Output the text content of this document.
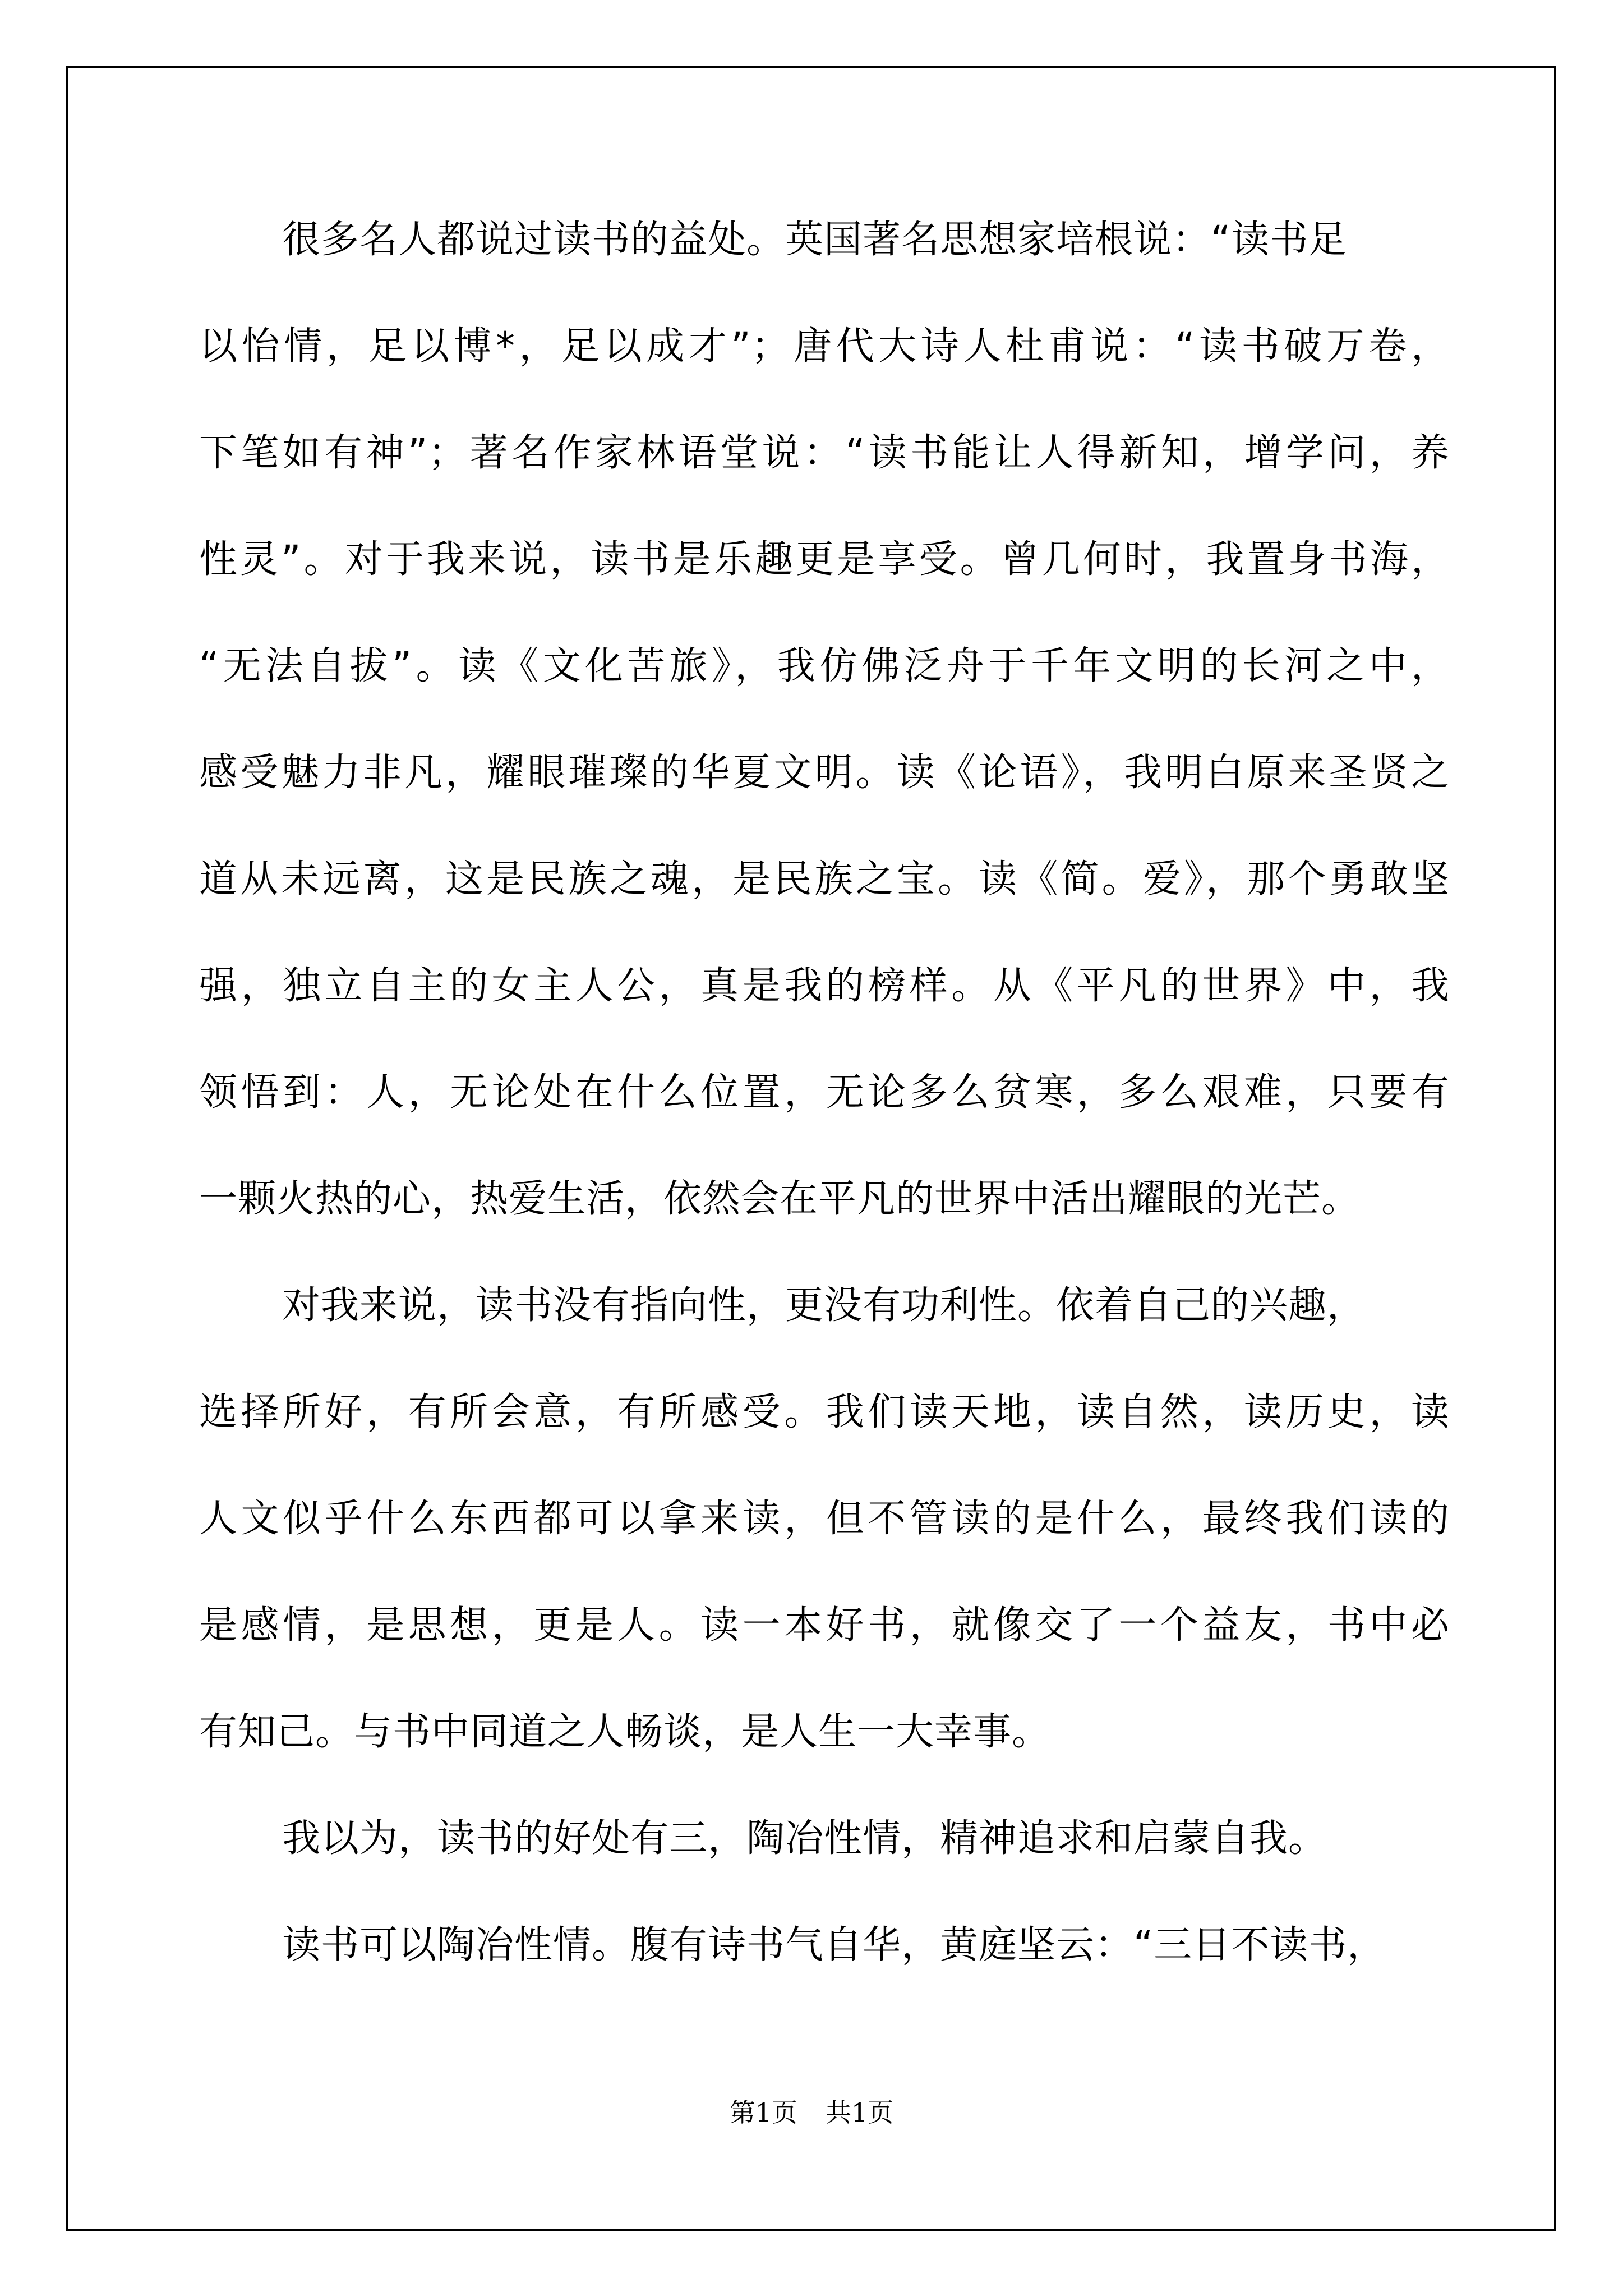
很多名人都说过读书的益处。英国著名思想家培根说：“读书足
以怡情，足以博*，足以成才”；唐代大诗人杜甫说：“读书破万卷，
下笔如有神”；著名作家林语堂说：“读书能让人得新知，增学问，养
性灵”。对于我来说，读书是乐趣更是享受。曾几何时，我置身书海，
“无法自拔”。读《文化苦旅》，我仿佛泛舟于千年文明的长河之中，
感受魅力非凡，耀眼璀璨的华夏文明。读《论语》，我明白原来圣贤之
道从未远离，这是民族之魂，是民族之宝。读《简。爱》，那个勇敢坚
强，独立自主的女主人公，真是我的榜样。从《平凡的世界》中，我
领悟到：人，无论处在什么位置，无论多么贫寒，多么艰难，只要有
一颗火热的心，热爱生活，依然会在平凡的世界中活出耀眼的光芒。
对我来说，读书没有指向性，更没有功利性。依着自己的兴趣，
选择所好，有所会意，有所感受。我们读天地，读自然，读历史，读
人文似乎什么东西都可以拿来读，但不管读的是什么，最终我们读的
是感情，是思想，更是人。读一本好书，就像交了一个益友，书中必
有知己。与书中同道之人畅谈，是人生一大幸事。
我以为，读书的好处有三，陶冶性情，精神追求和启蒙自我。
读书可以陶冶性情。腹有诗书气自华，黄庭坚云：“三日不读书，
第1页 共1页
